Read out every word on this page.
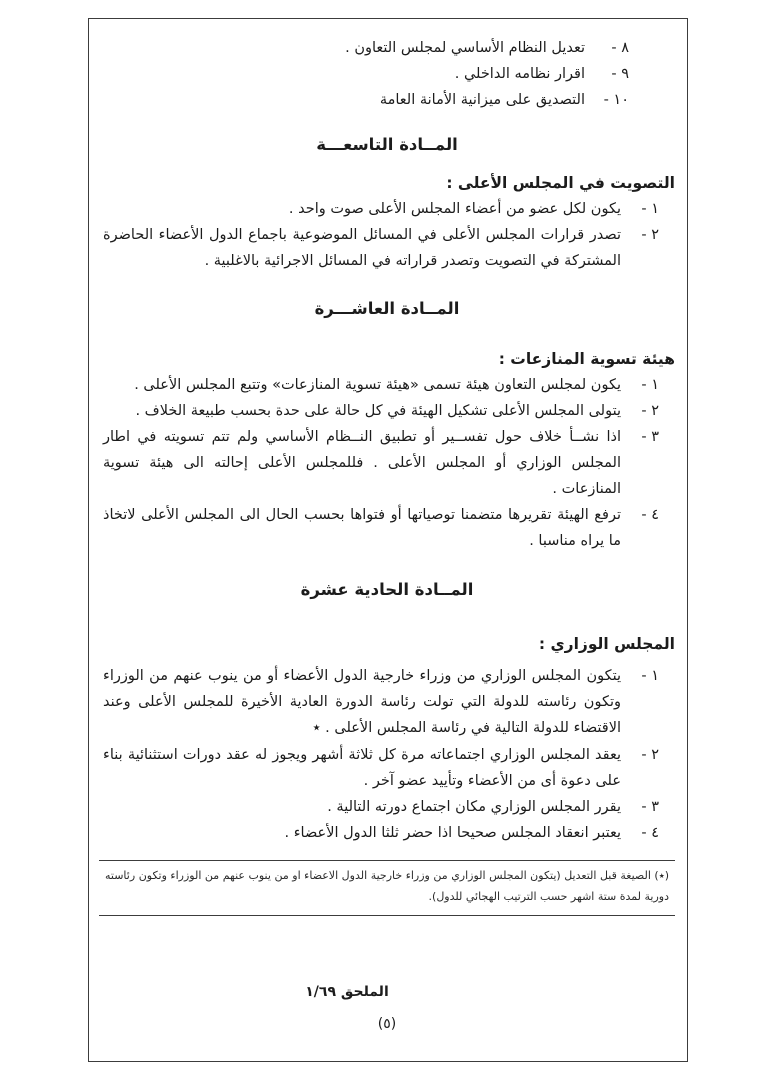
٨ -
تعديل النظام الأساسي لمجلس التعاون .
٩ -
اقرار نظامه الداخلي .
١٠ -
التصديق على ميزانية الأمانة العامة
المــادة التاسعـــة
التصويت في المجلس الأعلى :
١ -
يكون لكل عضو من أعضاء المجلس الأعلى صوت واحد .
٢ -
تصدر قرارات المجلس الأعلى في المسائل الموضوعية باجماع الدول الأعضاء الحاضرة المشتركة في التصويت وتصدر قراراته في المسائل الاجرائية بالاغلبية .
المــادة العاشـــرة
هيئة تسوية المنازعات :
١ -
يكون لمجلس التعاون هيئة تسمى «هيئة تسوية المنازعات» وتتبع المجلس الأعلى .
٢ -
يتولى المجلس الأعلى تشكيل الهيئة في كل حالة على حدة بحسب طبيعة الخلاف .
٣ -
اذا نشــأ خلاف حول تفســير أو تطبيق النــظام الأساسي ولم تتم تسويته في اطار المجلس الوزاري أو المجلس الأعلى . فللمجلس الأعلى إحالته الى هيئة تسوية المنازعات .
٤ -
ترفع الهيئة تقريرها متضمنا توصياتها أو فتواها بحسب الحال الى المجلس الأعلى لاتخاذ ما يراه مناسبا .
المــادة الحادية عشرة
المجلس الوزاري :
١ -
يتكون المجلس الوزاري من وزراء خارجية الدول الأعضاء أو من ينوب عنهم من الوزراء وتكون رئاسته للدولة التي تولت رئاسة الدورة العادية الأخيرة للمجلس الأعلى وعند الاقتضاء للدولة التالية في رئاسة المجلس الأعلى . ٭
٢ -
يعقد المجلس الوزاري اجتماعاته مرة كل ثلاثة أشهر ويجوز له عقد دورات استثنائية بناء على دعوة أى من الأعضاء وتأييد عضو آخر .
٣ -
يقرر المجلس الوزاري مكان اجتماع دورته التالية .
٤ -
يعتبر انعقاد المجلس صحيحا اذا حضر ثلثا الدول الأعضاء .
(٭) الصيغة قبل التعديل (يتكون المجلس الوزاري من وزراء خارجية الدول الاعضاء او من ينوب عنهم من الوزراء وتكون رئاسته دورية لمدة ستة اشهر حسب الترتيب الهجائي للدول).
الملحق ١/٦٩
(٥)
